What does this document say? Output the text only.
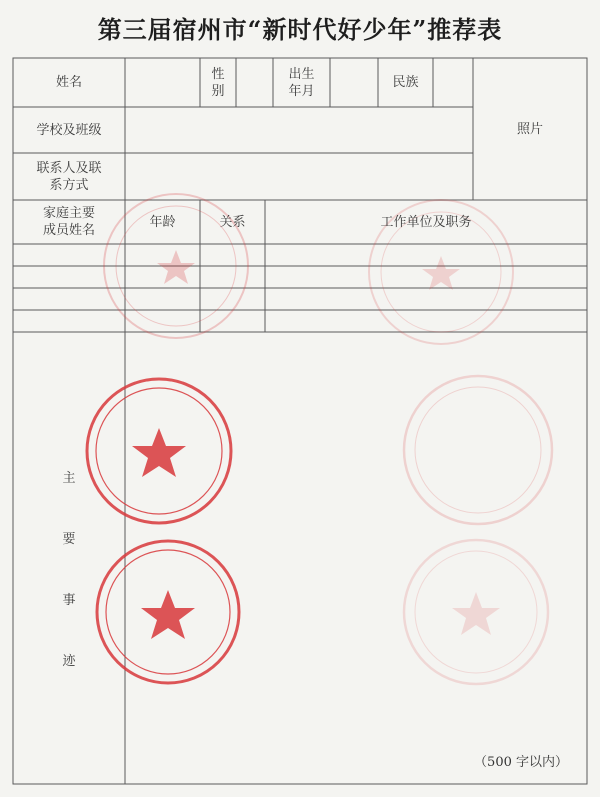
第三届宿州市“新时代好少年”推荐表
姓名
性
别
出生
年月
民族
照片
学校及班级
联系人及联
系方式
家庭主要
成员姓名
年龄	关系	工作单位及职务
主
要
事
迹
（500 字以内）
